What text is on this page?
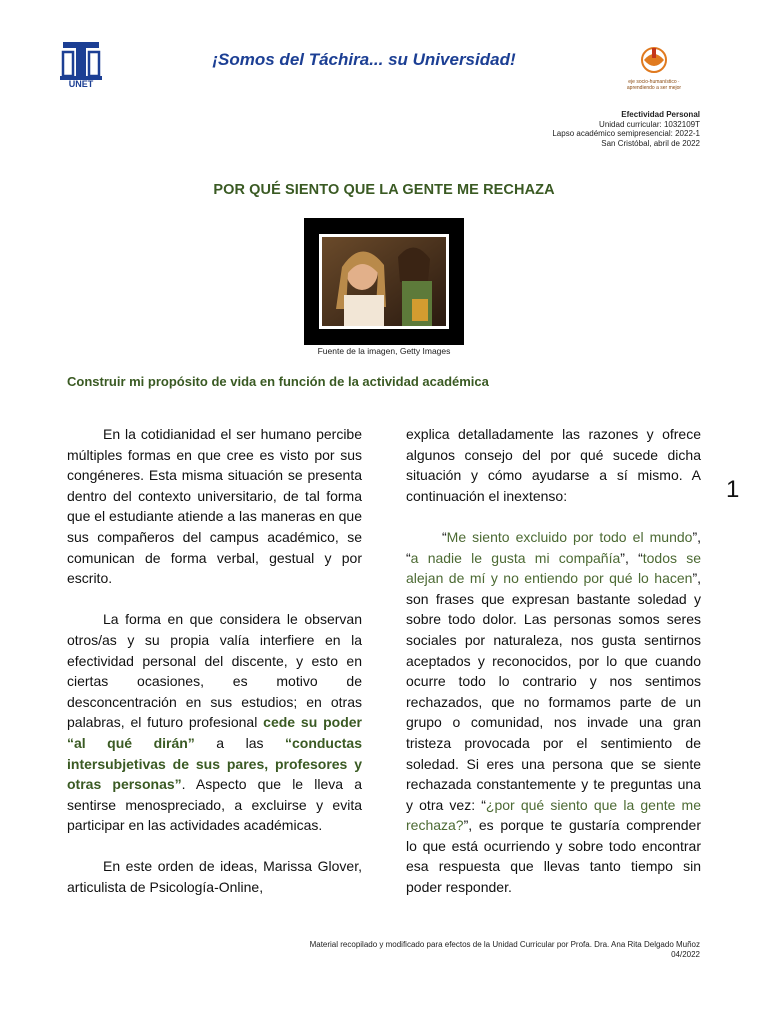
UNET
¡Somos del Táchira... su Universidad!
eje socio-humanístico · aprendiendo a ser mejor
Efectividad Personal
Unidad curricular: 1032109T
Lapso académico semipresencial: 2022-1
San Cristóbal, abril de 2022
POR QUÉ SIENTO QUE LA GENTE ME RECHAZA
Fuente de la imagen, Getty Images
Construir mi propósito de vida en función de la actividad académica

En la cotidianidad el ser humano percibe múltiples formas en que cree es visto por sus congéneres. Esta misma situación se presenta dentro del contexto universitario, de tal forma que el estudiante atiende a las maneras en que sus compañeros del campus académico, se comunican de forma verbal, gestual y por escrito.

La forma en que considera le observan otros/as y su propia valía interfiere en la efectividad personal del discente, y esto en ciertas ocasiones, es motivo de desconcentración en sus estudios; en otras palabras, el futuro profesional cede su poder “al qué dirán” a las “conductas intersubjetivas de sus pares, profesores y otras personas”. Aspecto que le lleva a sentirse menospreciado, a excluirse y evita participar en las actividades académicas.

En este orden de ideas, Marissa Glover, articulista de Psicología-Online,

explica detalladamente las razones y ofrece algunos consejo del por qué sucede dicha situación y cómo ayudarse a sí mismo. A continuación el inextenso:

“Me siento excluido por todo el mundo”, “a nadie le gusta mi compañía”, “todos se alejan de mí y no entiendo por qué lo hacen”, son frases que expresan bastante soledad y sobre todo dolor. Las personas somos seres sociales por naturaleza, nos gusta sentirnos aceptados y reconocidos, por lo que cuando ocurre todo lo contrario y nos sentimos rechazados, que no formamos parte de un grupo o comunidad, nos invade una gran tristeza provocada por el sentimiento de soledad. Si eres una persona que se siente rechazada constantemente y te preguntas una y otra vez: “¿por qué siento que la gente me rechaza?”, es porque te gustaría comprender lo que está ocurriendo y sobre todo encontrar esa respuesta que llevas tanto tiempo sin poder responder.

1
Material recopilado y modificado para efectos de la Unidad Curricular por Profa. Dra. Ana Rita Delgado Muñoz
04/2022
